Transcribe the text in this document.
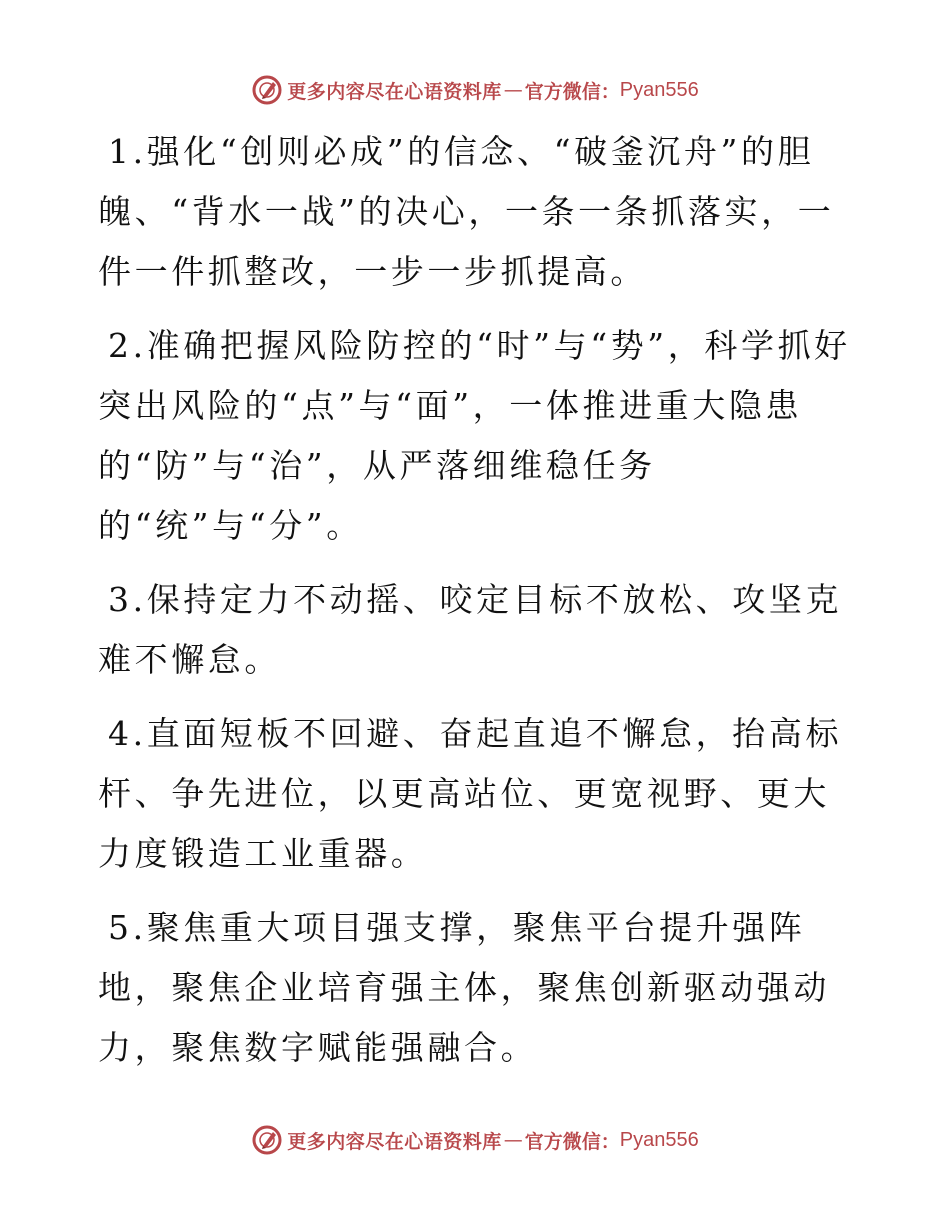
更多内容尽在心语资料库 — 官方微信： Pyan556

1.强化“创则必成”的信念、“破釜沉舟”的胆魄、“背水一战”的决心，一条一条抓落实，一件一件抓整改，一步一步抓提高。

2.准确把握风险防控的“时”与“势”，科学抓好突出风险的“点”与“面”，一体推进重大隐患的“防”与“治”，从严落细维稳任务的“统”与“分”。

3.保持定力不动摇、咬定目标不放松、攻坚克难不懈怠。

4.直面短板不回避、奋起直追不懈怠，抬高标杆、争先进位，以更高站位、更宽视野、更大力度锻造工业重器。

5.聚焦重大项目强支撑，聚焦平台提升强阵地，聚焦企业培育强主体，聚焦创新驱动强动力，聚焦数字赋能强融合。

更多内容尽在心语资料库 — 官方微信： Pyan556
